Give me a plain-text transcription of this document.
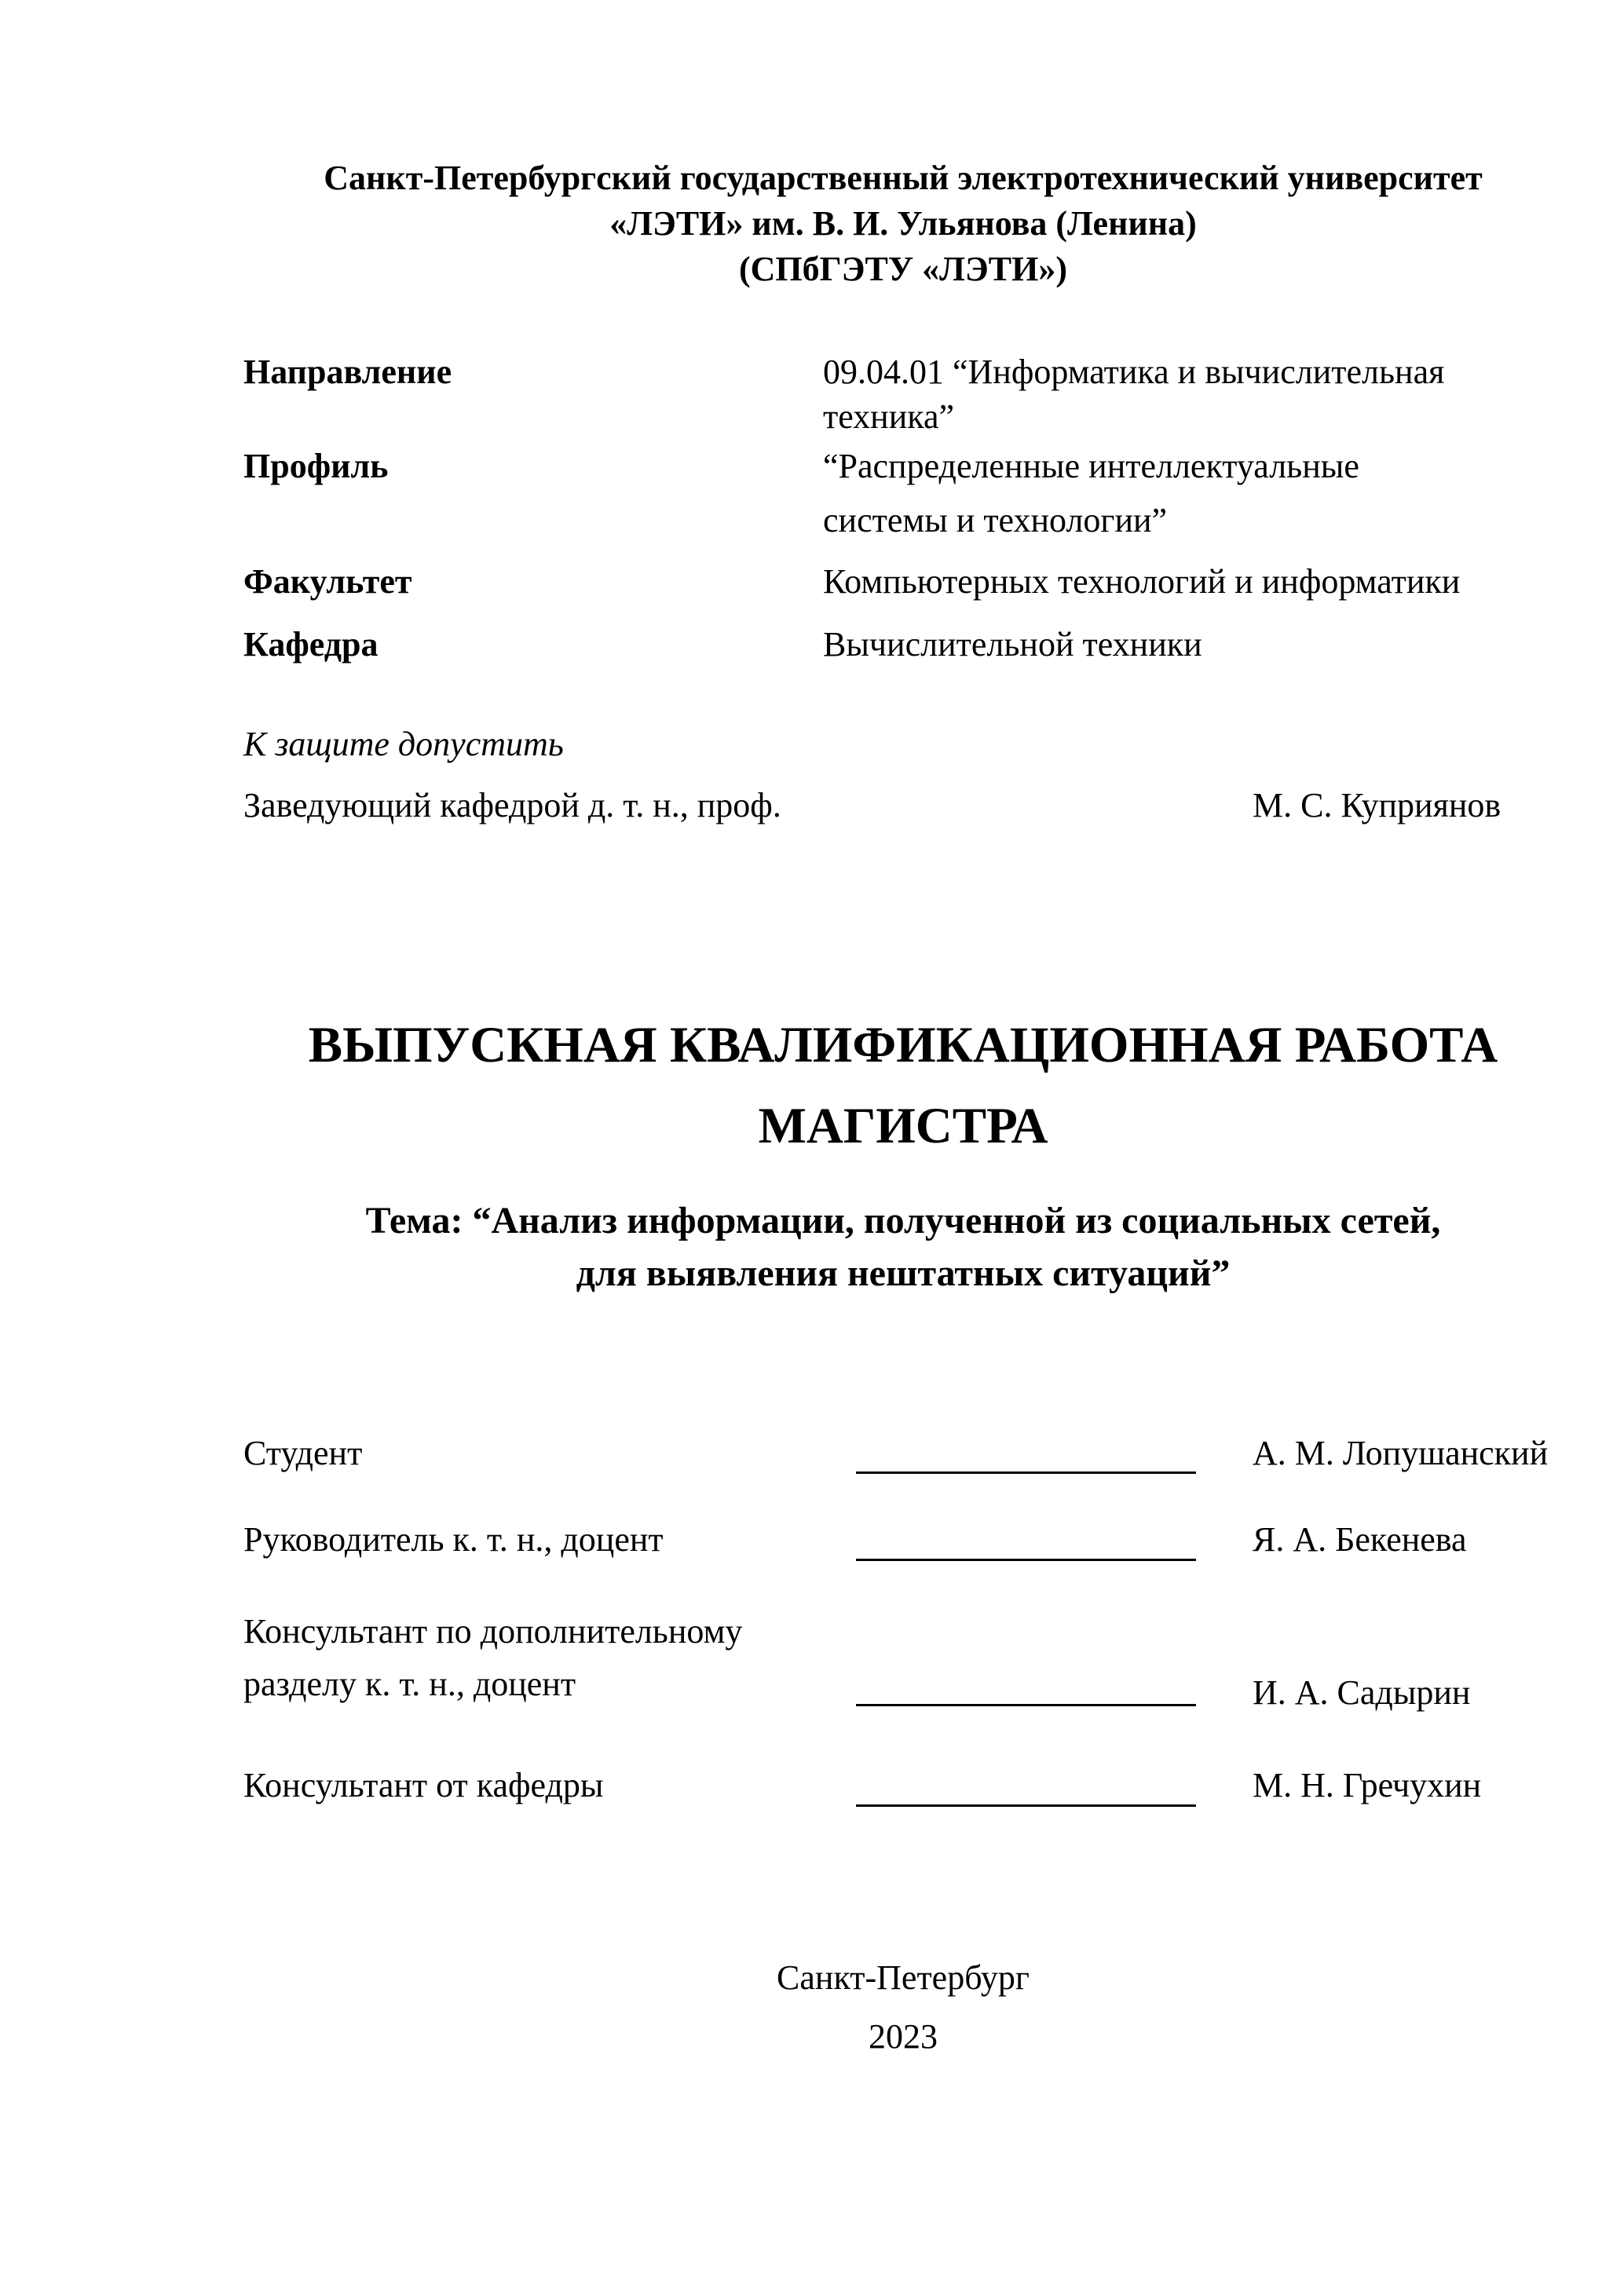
Санкт-Петербургский государственный электротехнический университет
«ЛЭТИ» им. В. И. Ульянова (Ленина)
(СПбГЭТУ «ЛЭТИ»)
Направление	09.04.01 “Информатика и вычислительная
техника”
Профиль	“Распределенные интеллектуальные
системы и технологии”
Факультет	Компьютерных технологий и информатики
Кафедра	Вычислительной техники
К защите допустить
Заведующий кафедрой д. т. н., проф.	М. С. Куприянов
ВЫПУСКНАЯ КВАЛИФИКАЦИОННАЯ РАБОТА
МАГИСТРА
Тема: “Анализ информации, полученной из социальных сетей,
для выявления нештатных ситуаций”
Студент	А. М. Лопушанский
Руководитель к. т. н., доцент	Я. А. Бекенева
Консультант по дополнительному
разделу к. т. н., доцент	И. А. Садырин
Консультант от кафедры	М. Н. Гречухин
Санкт-Петербург
2023
